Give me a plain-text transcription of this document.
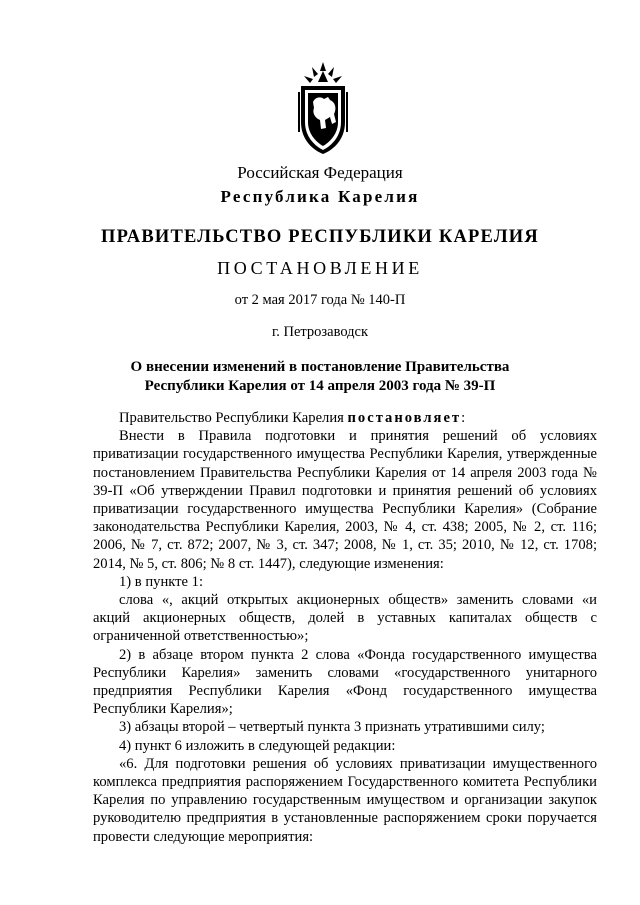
Российская Федерация
Республика Карелия
ПРАВИТЕЛЬСТВО РЕСПУБЛИКИ КАРЕЛИЯ
ПОСТАНОВЛЕНИЕ
от 2 мая 2017 года № 140-П
г. Петрозаводск
О внесении изменений в постановление Правительства
Республики Карелия от 14 апреля 2003 года № 39-П

Правительство Республики Карелия постановляет:

Внести в Правила подготовки и принятия решений об условиях приватизации государственного имущества Республики Карелия, утвержденные постановлением Правительства Республики Карелия от 14 апреля 2003 года № 39-П «Об утверждении Правил подготовки и принятия решений об условиях приватизации государственного имущества Республики Карелия» (Собрание законодательства Республики Карелия, 2003, № 4, ст. 438; 2005, № 2, ст. 116; 2006, № 7, ст. 872; 2007, № 3, ст. 347; 2008, № 1, ст. 35; 2010, № 12, ст. 1708; 2014, № 5, ст. 806; № 8 ст. 1447), следующие изменения:

1) в пункте 1:

слова «, акций открытых акционерных обществ» заменить словами «и акций акционерных обществ, долей в уставных капиталах обществ с ограниченной ответственностью»;

2) в абзаце втором пункта 2 слова «Фонда государственного имущества Республики Карелия» заменить словами «государственного унитарного предприятия Республики Карелия «Фонд государственного имущества Республики Карелия»;

3) абзацы второй – четвертый пункта 3 признать утратившими силу;

4) пункт 6 изложить в следующей редакции:

«6. Для подготовки решения об условиях приватизации имущественного комплекса предприятия распоряжением Государственного комитета Республики Карелия по управлению государственным имуществом и организации закупок руководителю предприятия в установленные распоряжением сроки поручается провести следующие мероприятия:
